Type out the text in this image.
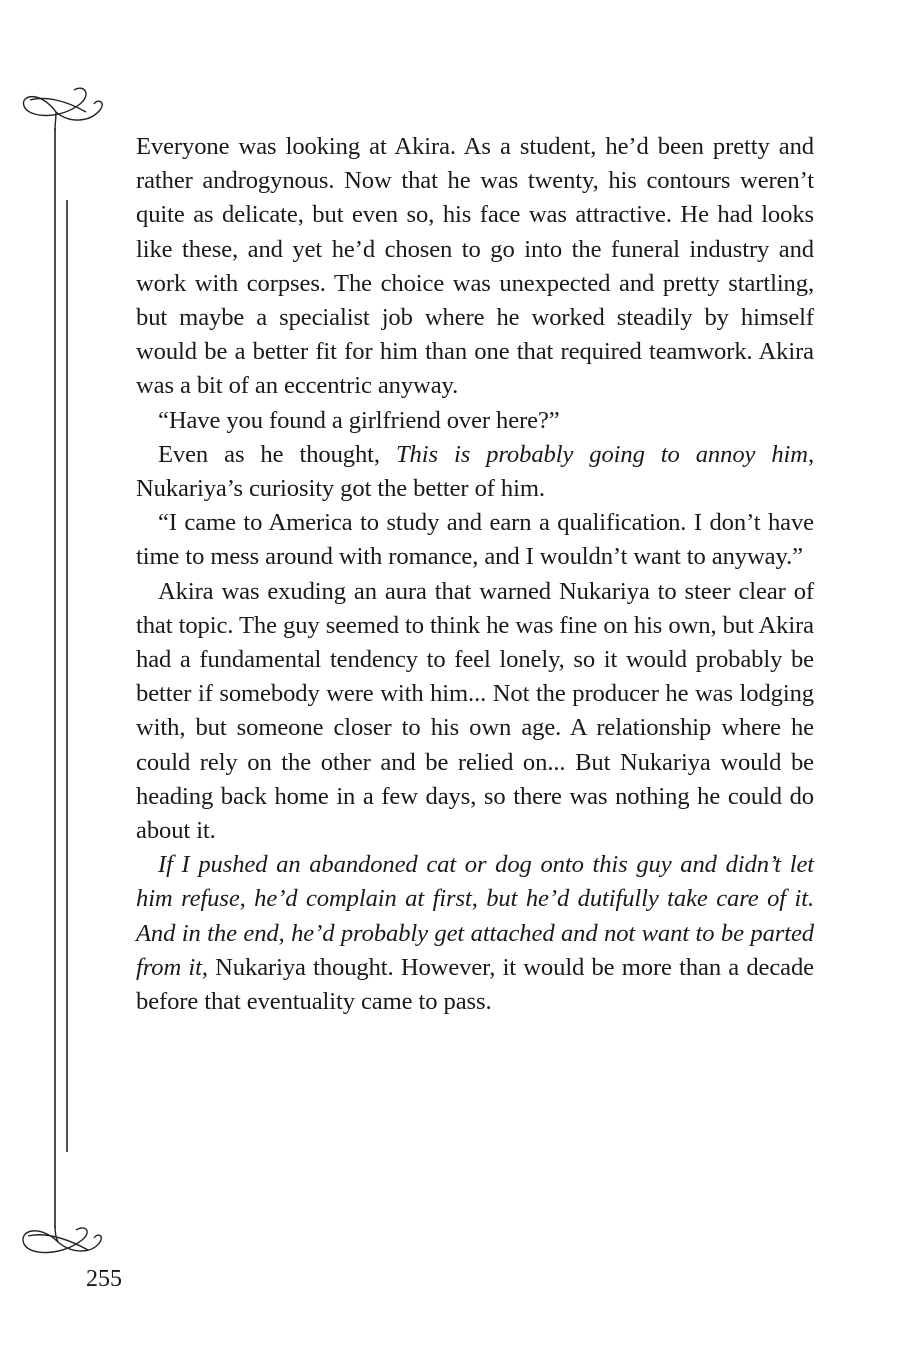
Everyone was looking at Akira. As a student, he’d been pretty and rather androgynous. Now that he was twenty, his contours weren’t quite as delicate, but even so, his face was attractive. He had looks like these, and yet he’d chosen to go into the funeral industry and work with corpses. The choice was unexpected and pretty startling, but maybe a specialist job where he worked steadily by himself would be a better fit for him than one that required teamwork. Akira was a bit of an eccentric anyway.

“Have you found a girlfriend over here?”

Even as he thought, This is probably going to annoy him, Nukariya’s curiosity got the better of him.

“I came to America to study and earn a qualification. I don’t have time to mess around with romance, and I wouldn’t want to anyway.”

Akira was exuding an aura that warned Nukariya to steer clear of that topic. The guy seemed to think he was fine on his own, but Akira had a fundamental tendency to feel lonely, so it would probably be better if somebody were with him... Not the producer he was lodging with, but someone closer to his own age. A relationship where he could rely on the other and be relied on... But Nukariya would be heading back home in a few days, so there was nothing he could do about it.

If I pushed an abandoned cat or dog onto this guy and didn’t let him refuse, he’d complain at first, but he’d dutifully take care of it. And in the end, he’d probably get attached and not want to be parted from it, Nukariya thought. However, it would be more than a decade before that eventuality came to pass.

255
